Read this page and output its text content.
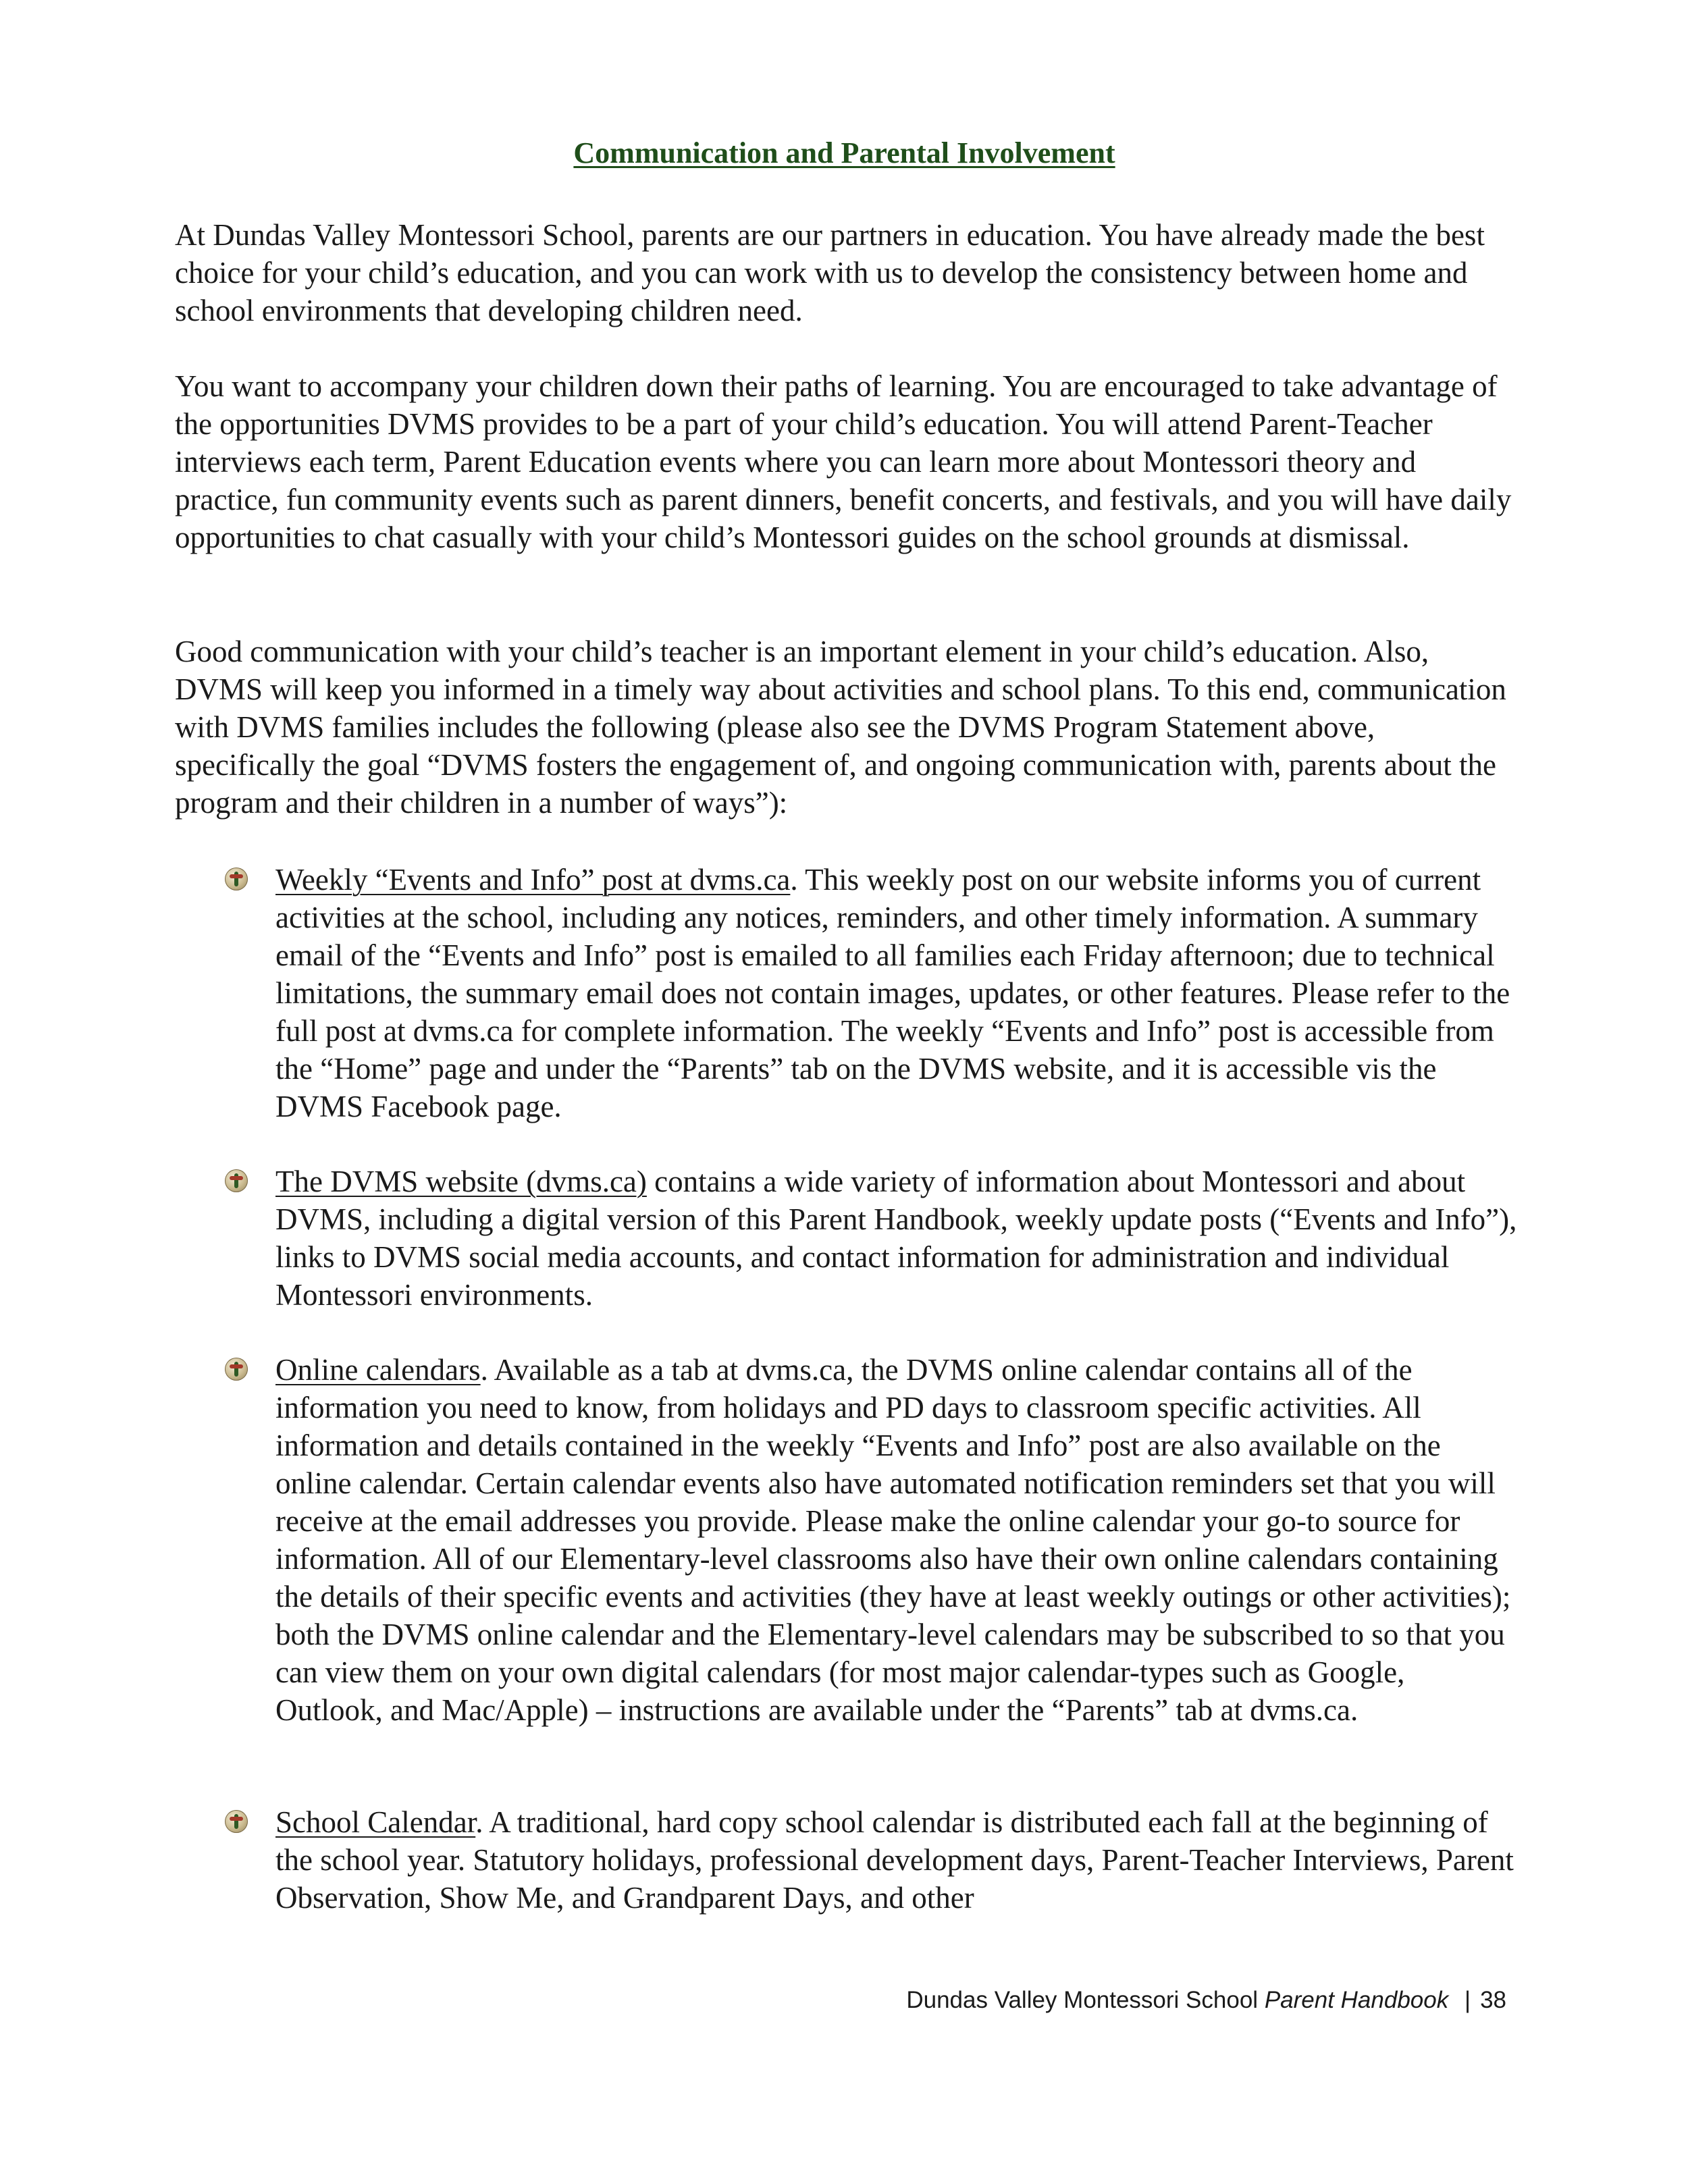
Communication and Parental Involvement

At Dundas Valley Montessori School, parents are our partners in education. You have already made the best choice for your child’s education, and you can work with us to develop the consistency between home and school environments that developing children need.

You want to accompany your children down their paths of learning. You are encouraged to take advantage of the opportunities DVMS provides to be a part of your child’s education. You will attend Parent-Teacher interviews each term, Parent Education events where you can learn more about Montessori theory and practice, fun community events such as parent dinners, benefit concerts, and festivals, and you will have daily opportunities to chat casually with your child’s Montessori guides on the school grounds at dismissal.

Good communication with your child’s teacher is an important element in your child’s education. Also, DVMS will keep you informed in a timely way about activities and school plans. To this end, communication with DVMS families includes the following (please also see the DVMS Program Statement above, specifically the goal “DVMS fosters the engagement of, and ongoing communication with, parents about the program and their children in a number of ways”):

Weekly “Events and Info” post at dvms.ca. This weekly post on our website informs you of current activities at the school, including any notices, reminders, and other timely information. A summary email of the “Events and Info” post is emailed to all families each Friday afternoon; due to technical limitations, the summary email does not contain images, updates, or other features. Please refer to the full post at dvms.ca for complete information. The weekly “Events and Info” post is accessible from the “Home” page and under the “Parents” tab on the DVMS website, and it is accessible vis the DVMS Facebook page.

The DVMS website (dvms.ca) contains a wide variety of information about Montessori and about DVMS, including a digital version of this Parent Handbook, weekly update posts (“Events and Info”), links to DVMS social media accounts, and contact information for administration and individual Montessori environments.

Online calendars. Available as a tab at dvms.ca, the DVMS online calendar contains all of the information you need to know, from holidays and PD days to classroom specific activities. All information and details contained in the weekly “Events and Info” post are also available on the online calendar. Certain calendar events also have automated notification reminders set that you will receive at the email addresses you provide. Please make the online calendar your go-to source for information. All of our Elementary-level classrooms also have their own online calendars containing the details of their specific events and activities (they have at least weekly outings or other activities); both the DVMS online calendar and the Elementary-level calendars may be subscribed to so that you can view them on your own digital calendars (for most major calendar-types such as Google, Outlook, and Mac/Apple) – instructions are available under the “Parents” tab at dvms.ca.

School Calendar. A traditional, hard copy school calendar is distributed each fall at the beginning of the school year. Statutory holidays, professional development days, Parent-Teacher Interviews, Parent Observation, Show Me, and Grandparent Days, and other

Dundas Valley Montessori School Parent Handbook | 38
